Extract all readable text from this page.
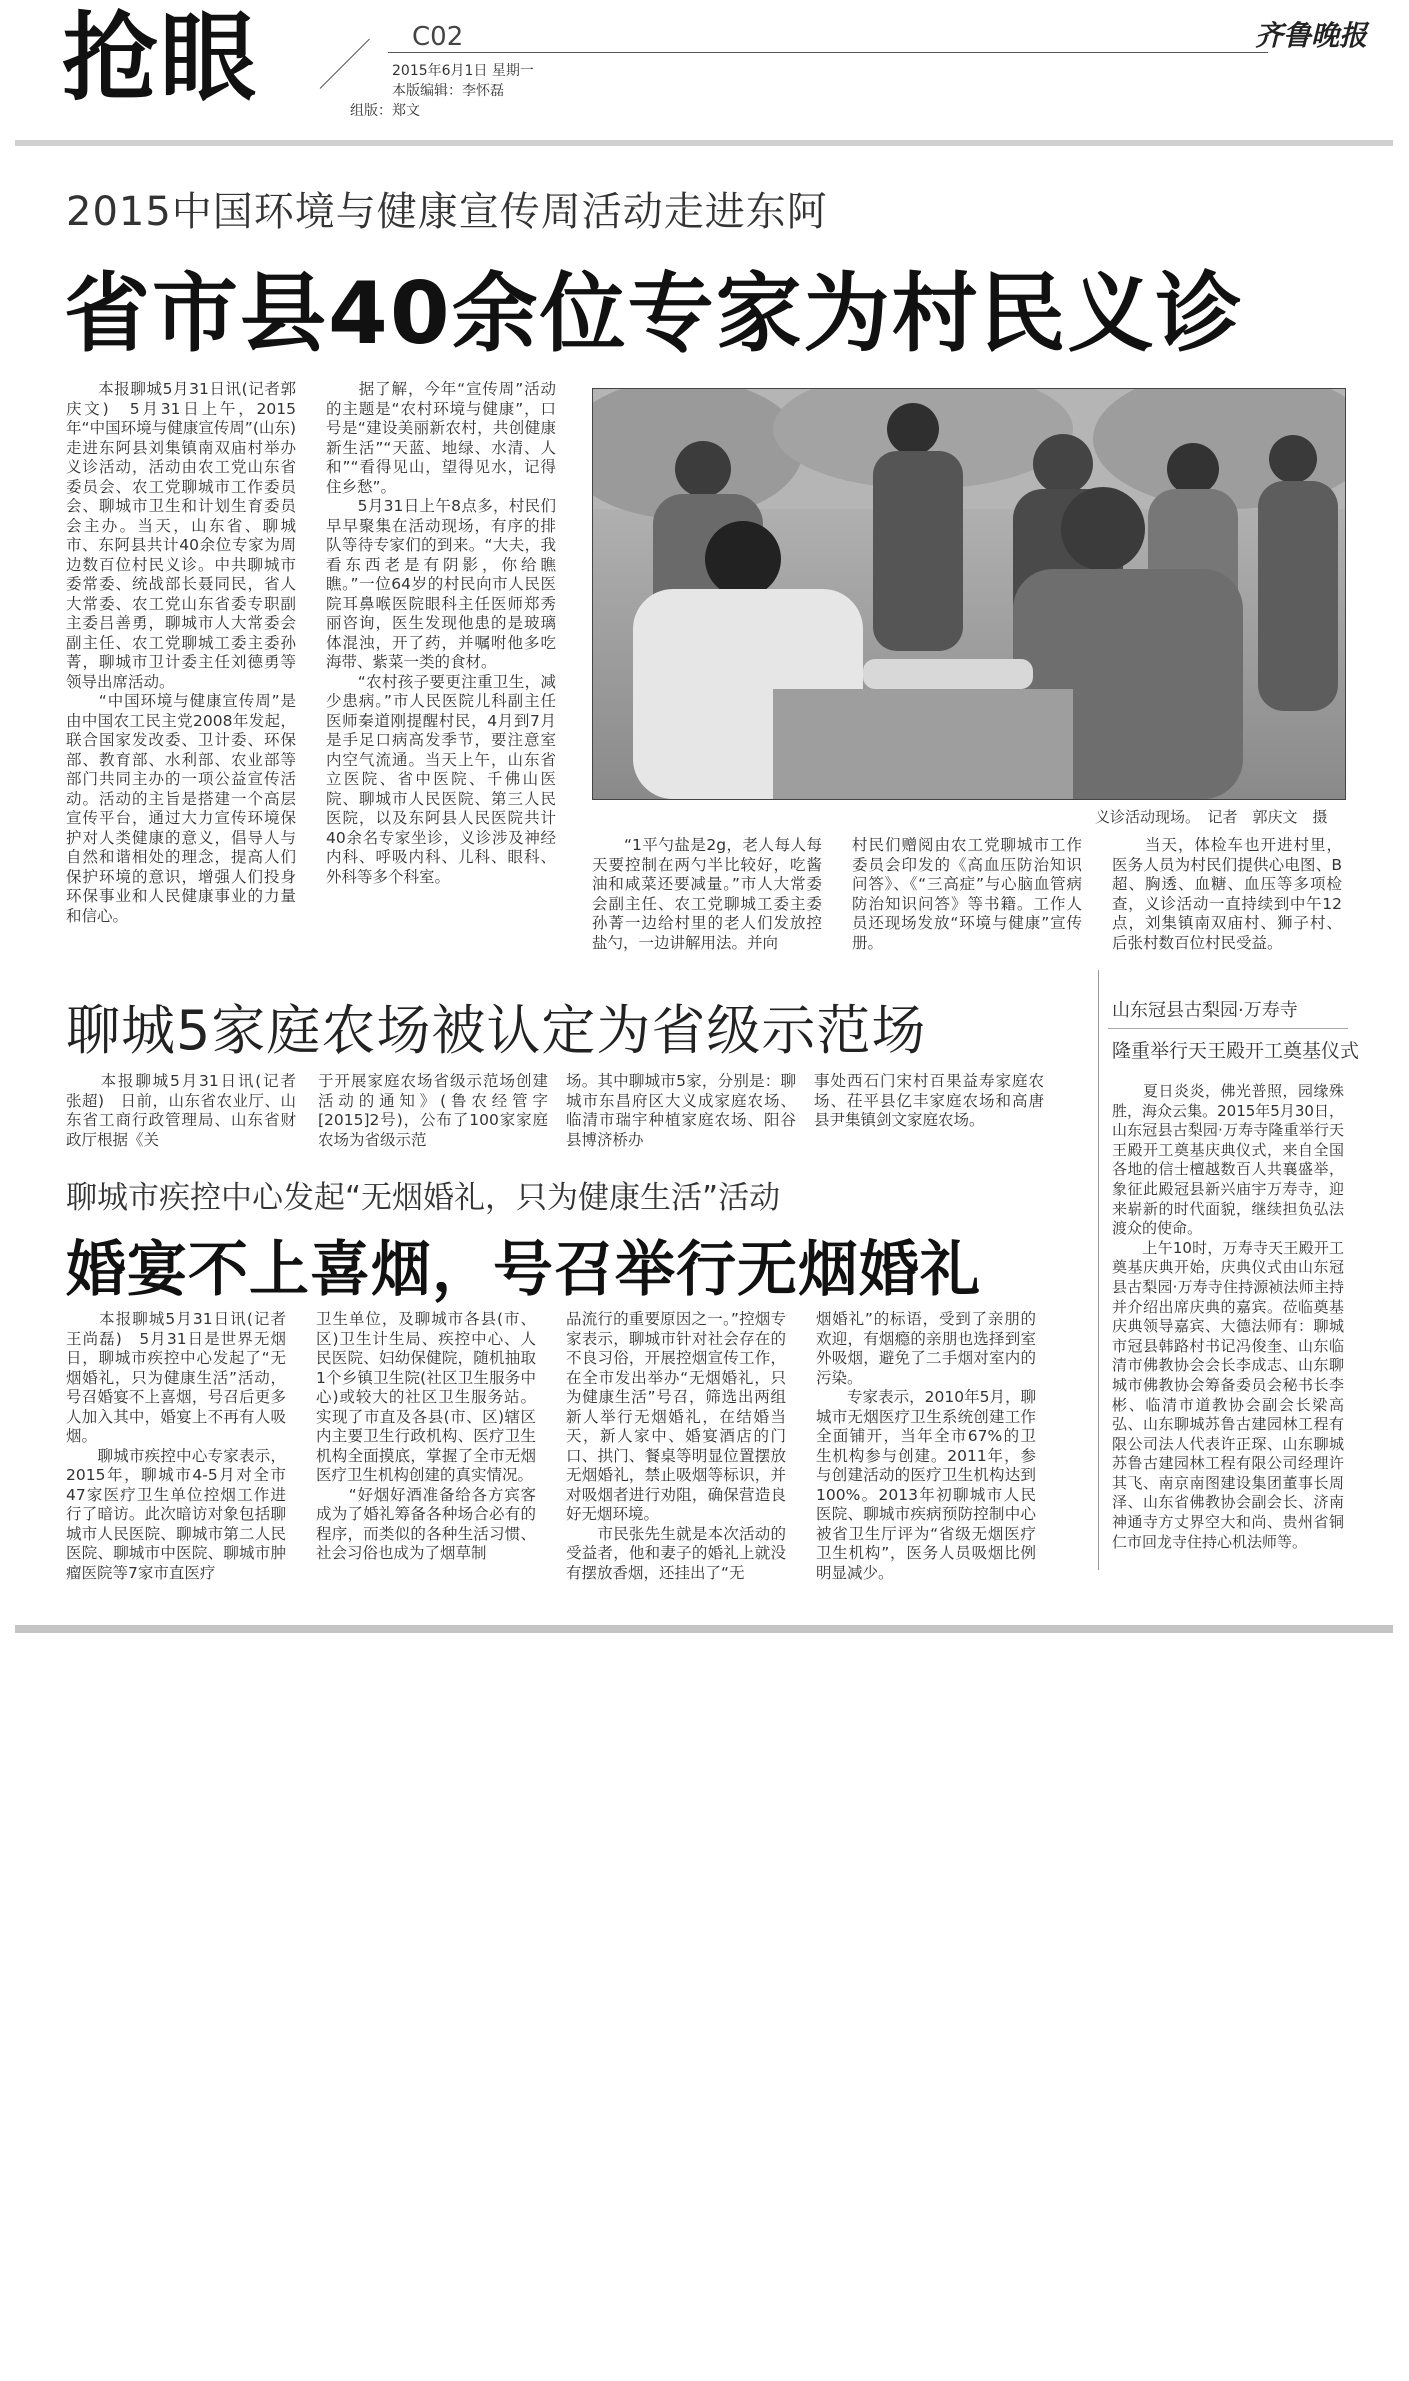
抢眼	C02
2015年6月1日 星期一
本版编辑：李怀磊
组版：郑文
齐鲁晚报
2015中国环境与健康宣传周活动走进东阿
省市县40余位专家为村民义诊
　　本报聊城5月31日讯(记者郭庆文)　5月31日上午，2015年“中国环境与健康宣传周”(山东)走进东阿县刘集镇南双庙村举办义诊活动，活动由农工党山东省委员会、农工党聊城市工作委员会、聊城市卫生和计划生育委员会主办。当天，山东省、聊城市、东阿县共计40余位专家为周边数百位村民义诊。中共聊城市委常委、统战部长聂同民，省人大常委、农工党山东省委专职副主委吕善勇，聊城市人大常委会副主任、农工党聊城工委主委孙菁，聊城市卫计委主任刘德勇等领导出席活动。
　　“中国环境与健康宣传周”是由中国农工民主党2008年发起，联合国家发改委、卫计委、环保部、教育部、水利部、农业部等部门共同主办的一项公益宣传活动。活动的主旨是搭建一个高层宣传平台，通过大力宣传环境保护对人类健康的意义，倡导人与自然和谐相处的理念，提高人们保护环境的意识，增强人们投身环保事业和人民健康事业的力量和信心。
　　据了解，今年“宣传周”活动的主题是“农村环境与健康”，口号是“建设美丽新农村，共创健康新生活”“天蓝、地绿、水清、人和”“看得见山，望得见水，记得住乡愁”。
　　5月31日上午8点多，村民们早早聚集在活动现场，有序的排队等待专家们的到来。“大夫，我看东西老是有阴影，你给瞧瞧。”一位64岁的村民向市人民医院耳鼻喉医院眼科主任医师郑秀丽咨询，医生发现他患的是玻璃体混浊，开了药，并嘱咐他多吃海带、紫菜一类的食材。
　　“农村孩子要更注重卫生，减少患病。”市人民医院儿科副主任医师秦道刚提醒村民，4月到7月是手足口病高发季节，要注意室内空气流通。当天上午，山东省立医院、省中医院、千佛山医院、聊城市人民医院、第三人民医院，以及东阿县人民医院共计40余名专家坐诊，义诊涉及神经内科、呼吸内科、儿科、眼科、外科等多个科室。
义诊活动现场。　记者　郭庆文　摄
　　“1平勺盐是2g，老人每人每天要控制在两勺半比较好，吃酱油和咸菜还要减量。”市人大常委会副主任、农工党聊城工委主委孙菁一边给村里的老人们发放控盐勺，一边讲解用法。并向
村民们赠阅由农工党聊城市工作委员会印发的《高血压防治知识问答》、《“三高症”与心脑血管病防治知识问答》等书籍。工作人员还现场发放“环境与健康”宣传册。
　　当天，体检车也开进村里，医务人员为村民们提供心电图、B超、胸透、血糖、血压等多项检查，义诊活动一直持续到中午12点，刘集镇南双庙村、狮子村、后张村数百位村民受益。
聊城5家庭农场被认定为省级示范场
　　本报聊城5月31日讯(记者　张超)　日前，山东省农业厅、山东省工商行政管理局、山东省财政厅根据《关
于开展家庭农场省级示范场创建活动的通知》(鲁农经管字[2015]2号)，公布了100家家庭农场为省级示范
场。其中聊城市5家，分别是：聊城市东昌府区大义成家庭农场、临清市瑞宇种植家庭农场、阳谷县博济桥办
事处西石门宋村百果益寿家庭农场、茌平县亿丰家庭农场和高唐县尹集镇剑文家庭农场。
聊城市疾控中心发起“无烟婚礼，只为健康生活”活动
婚宴不上喜烟，号召举行无烟婚礼
　　本报聊城5月31日讯(记者　王尚磊)　5月31日是世界无烟日，聊城市疾控中心发起了“无烟婚礼，只为健康生活”活动，号召婚宴不上喜烟，号召后更多人加入其中，婚宴上不再有人吸烟。
　　聊城市疾控中心专家表示，2015年，聊城市4-5月对全市47家医疗卫生单位控烟工作进行了暗访。此次暗访对象包括聊城市人民医院、聊城市第二人民医院、聊城市中医院、聊城市肿瘤医院等7家市直医疗
卫生单位，及聊城市各县(市、区)卫生计生局、疾控中心、人民医院、妇幼保健院，随机抽取1个乡镇卫生院(社区卫生服务中心)或较大的社区卫生服务站。实现了市直及各县(市、区)辖区内主要卫生行政机构、医疗卫生机构全面摸底，掌握了全市无烟医疗卫生机构创建的真实情况。
　　“好烟好酒准备给各方宾客成为了婚礼筹备各种场合必有的程序，而类似的各种生活习惯、社会习俗也成为了烟草制
品流行的重要原因之一。”控烟专家表示，聊城市针对社会存在的不良习俗，开展控烟宣传工作，在全市发出举办“无烟婚礼，只为健康生活”号召，筛选出两组新人举行无烟婚礼，在结婚当天，新人家中、婚宴酒店的门口、拱门、餐桌等明显位置摆放无烟婚礼，禁止吸烟等标识，并对吸烟者进行劝阻，确保营造良好无烟环境。
　　市民张先生就是本次活动的受益者，他和妻子的婚礼上就没有摆放香烟，还挂出了“无
烟婚礼”的标语，受到了亲朋的欢迎，有烟瘾的亲朋也选择到室外吸烟，避免了二手烟对室内的污染。
　　专家表示，2010年5月，聊城市无烟医疗卫生系统创建工作全面铺开，当年全市67%的卫生机构参与创建。2011年，参与创建活动的医疗卫生机构达到100%。2013年初聊城市人民医院、聊城市疾病预防控制中心被省卫生厅评为“省级无烟医疗卫生机构”，医务人员吸烟比例明显减少。
山东冠县古梨园·万寿寺
隆重举行天王殿开工奠基仪式
　　夏日炎炎，佛光普照，园缘殊胜，海众云集。2015年5月30日，山东冠县古梨园·万寿寺隆重举行天王殿开工奠基庆典仪式，来自全国各地的信士檀越数百人共襄盛举，象征此殿冠县新兴庙宇万寿寺，迎来崭新的时代面貌，继续担负弘法渡众的使命。
　　上午10时，万寿寺天王殿开工奠基庆典开始，庆典仪式由山东冠县古梨园·万寿寺住持源祯法师主持并介绍出席庆典的嘉宾。莅临奠基庆典领导嘉宾、大德法师有：聊城市冠县韩路村书记冯俊奎、山东临清市佛教协会会长李成志、山东聊城市佛教协会筹备委员会秘书长李彬、临清市道教协会副会长梁高弘、山东聊城苏鲁古建园林工程有限公司法人代表许正琛、山东聊城苏鲁古建园林工程有限公司经理许其飞、南京南图建设集团董事长周泽、山东省佛教协会副会长、济南神通寺方丈界空大和尚、贵州省铜仁市回龙寺住持心机法师等。
